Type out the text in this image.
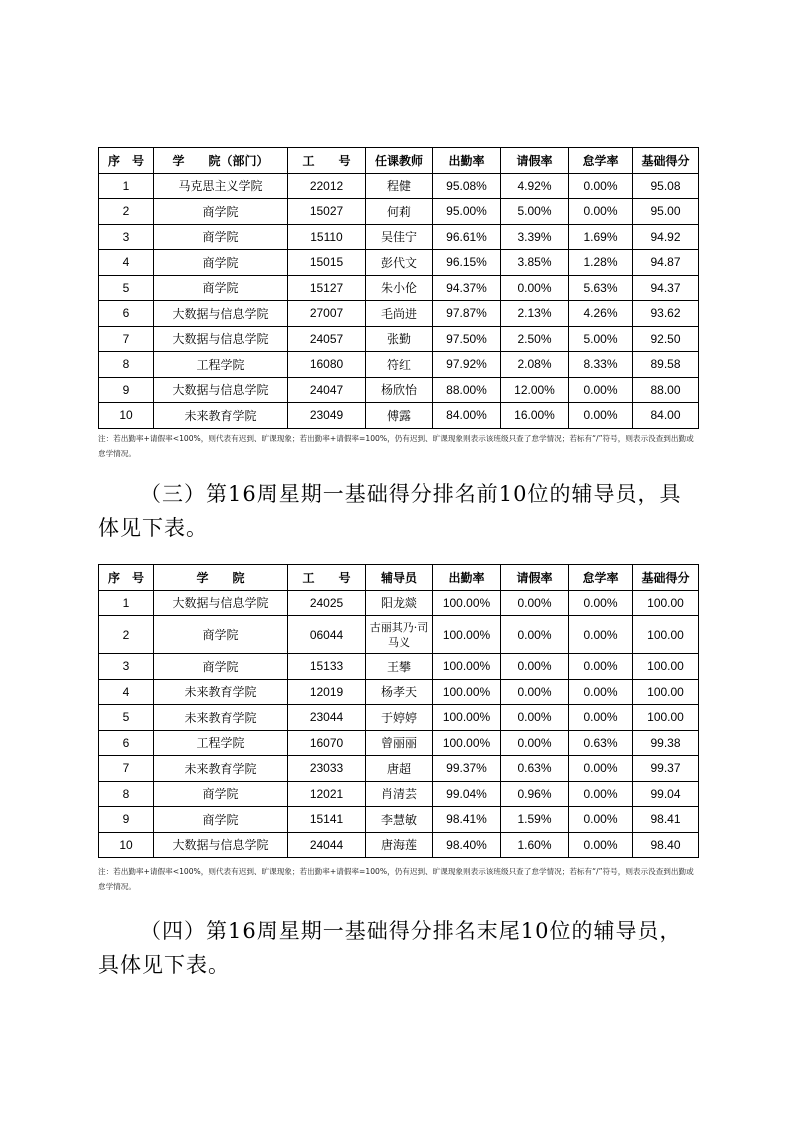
序　号	学　　院（部门）	工　　号	任课教师	出勤率	请假率	怠学率	基础得分
1	马克思主义学院	22012	程健	95.08%	4.92%	0.00%	95.08
2	商学院	15027	何莉	95.00%	5.00%	0.00%	95.00
3	商学院	15110	吴佳宁	96.61%	3.39%	1.69%	94.92
4	商学院	15015	彭代文	96.15%	3.85%	1.28%	94.87
5	商学院	15127	朱小伦	94.37%	0.00%	5.63%	94.37
6	大数据与信息学院	27007	毛尚进	97.87%	2.13%	4.26%	93.62
7	大数据与信息学院	24057	张勤	97.50%	2.50%	5.00%	92.50
8	工程学院	16080	符红	97.92%	2.08%	8.33%	89.58
9	大数据与信息学院	24047	杨欣怡	88.00%	12.00%	0.00%	88.00
10	未来教育学院	23049	傅露	84.00%	16.00%	0.00%	84.00

注：若出勤率+请假率<100%，则代表有迟到、旷课现象；若出勤率+请假率=100%，仍有迟到、旷课现象则表示该班级只查了怠学情况；若标有“/”符号，则表示没查到出勤或怠学情况。

（三）第16周星期一基础得分排名前10位的辅导员，具体见下表。

序　号	学　　院	工　　号	辅导员	出勤率	请假率	怠学率	基础得分
1	大数据与信息学院	24025	阳龙燚	100.00%	0.00%	0.00%	100.00
2	商学院	06044	古丽其乃·司马义	100.00%	0.00%	0.00%	100.00
3	商学院	15133	王攀	100.00%	0.00%	0.00%	100.00
4	未来教育学院	12019	杨孝天	100.00%	0.00%	0.00%	100.00
5	未来教育学院	23044	于婷婷	100.00%	0.00%	0.00%	100.00
6	工程学院	16070	曾丽丽	100.00%	0.00%	0.63%	99.38
7	未来教育学院	23033	唐超	99.37%	0.63%	0.00%	99.37
8	商学院	12021	肖清芸	99.04%	0.96%	0.00%	99.04
9	商学院	15141	李慧敏	98.41%	1.59%	0.00%	98.41
10	大数据与信息学院	24044	唐海莲	98.40%	1.60%	0.00%	98.40

注：若出勤率+请假率<100%，则代表有迟到、旷课现象；若出勤率+请假率=100%，仍有迟到、旷课现象则表示该班级只查了怠学情况；若标有“/”符号，则表示没查到出勤或怠学情况。

（四）第16周星期一基础得分排名末尾10位的辅导员，具体见下表。
